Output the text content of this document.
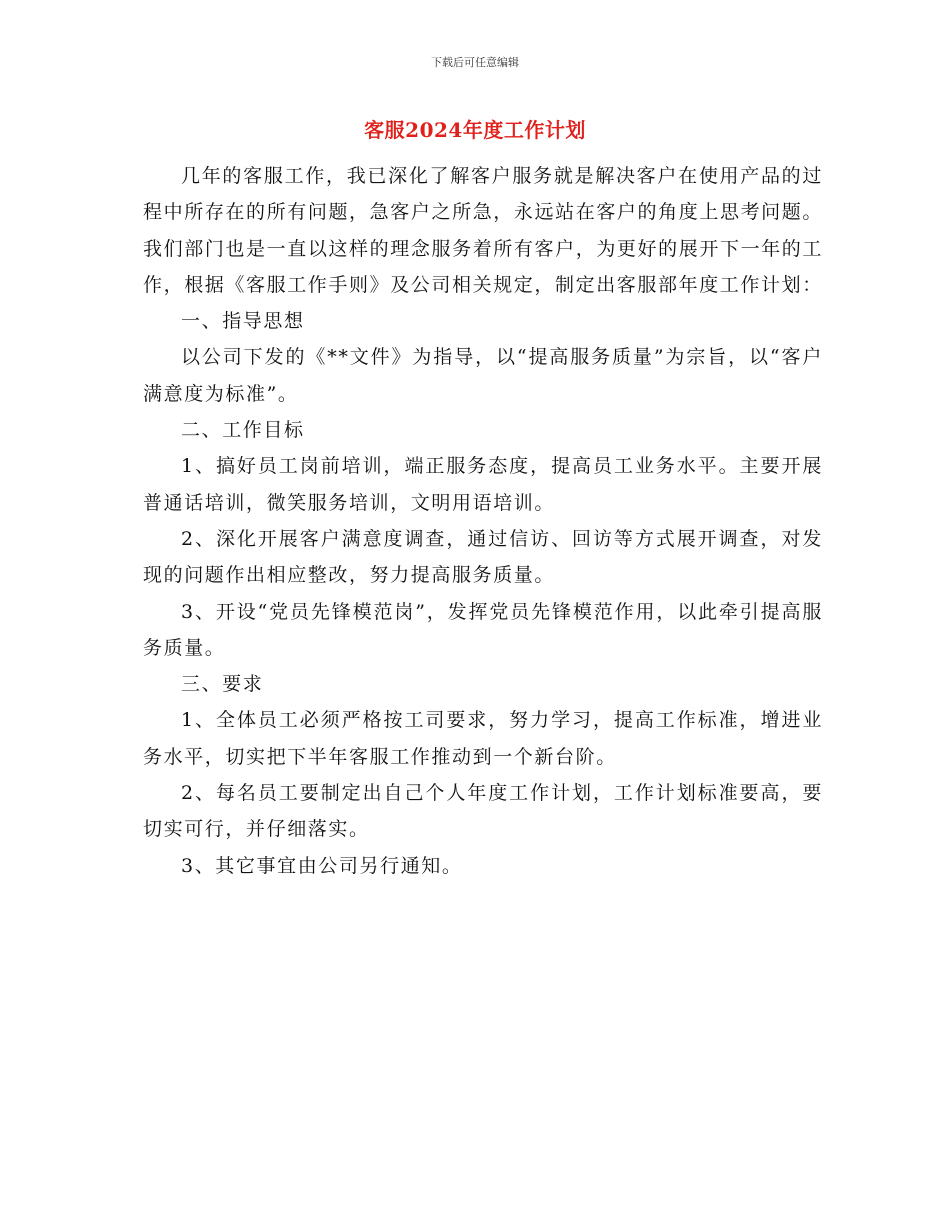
下载后可任意编辑
客服2024年度工作计划

几年的客服工作，我已深化了解客户服务就是解决客户在使用产品的过程中所存在的所有问题，急客户之所急，永远站在客户的角度上思考问题。我们部门也是一直以这样的理念服务着所有客户，为更好的展开下一年的工作，根据《客服工作手则》及公司相关规定，制定出客服部年度工作计划：

一、指导思想

以公司下发的《**文件》为指导，以“提高服务质量”为宗旨，以“客户满意度为标准”。

二、工作目标

1、搞好员工岗前培训，端正服务态度，提高员工业务水平。主要开展普通话培训，微笑服务培训，文明用语培训。

2、深化开展客户满意度调查，通过信访、回访等方式展开调查，对发现的问题作出相应整改，努力提高服务质量。

3、开设“党员先锋模范岗”，发挥党员先锋模范作用，以此牵引提高服务质量。

三、要求

1、全体员工必须严格按工司要求，努力学习，提高工作标准，增进业务水平，切实把下半年客服工作推动到一个新台阶。

2、每名员工要制定出自己个人年度工作计划，工作计划标准要高，要切实可行，并仔细落实。

3、其它事宜由公司另行通知。
